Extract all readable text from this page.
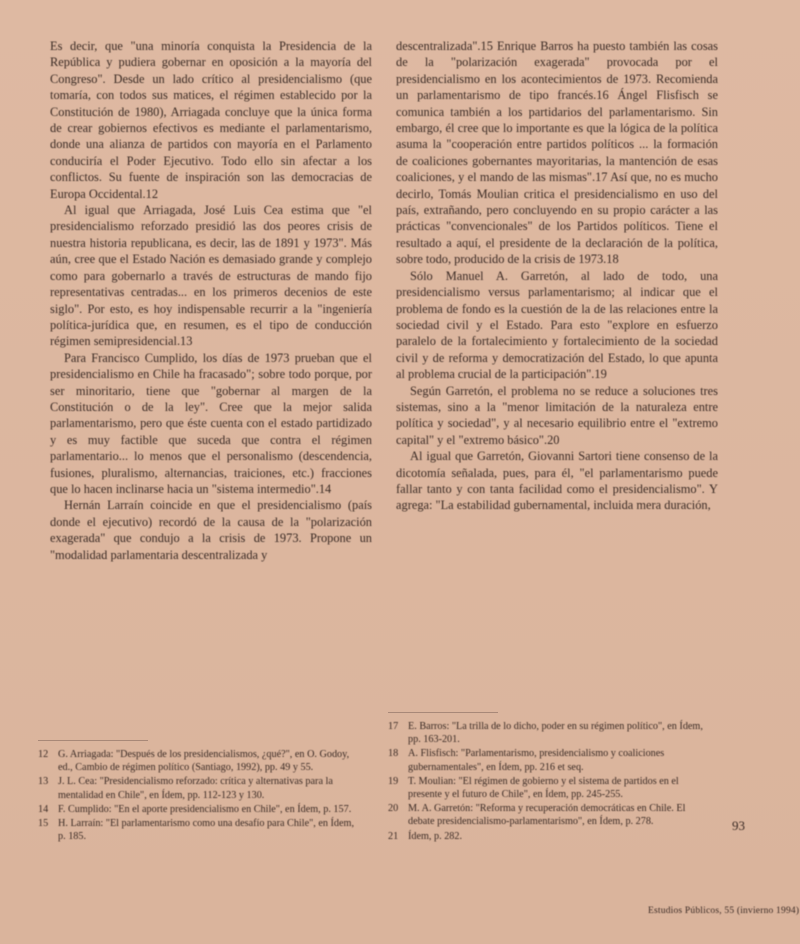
Es decir, que "una minoría conquista la Presidencia de la República y pudiera gobernar en oposición a la mayoría del Congreso". Desde un lado crítico al presidencialismo (que tomaría, con todos sus matices, el régimen establecido por la Constitución de 1980), Arriagada concluye que la única forma de crear gobiernos efectivos es mediante el parlamentarismo, donde una alianza de partidos con mayoría en el Parlamento conduciría el Poder Ejecutivo. Todo ello sin afectar a los conflictos. Su fuente de inspiración son las democracias de Europa Occidental.12

Al igual que Arriagada, José Luis Cea estima que "el presidencialismo reforzado presidió las dos peores crisis de nuestra historia republicana, es decir, las de 1891 y 1973". Más aún, cree que el Estado Nación es demasiado grande y complejo como para gobernarlo a través de estructuras de mando fijo representativas centradas... en los primeros decenios de este siglo". Por esto, es hoy indispensable recurrir a la "ingeniería política-jurídica que, en resumen, es el tipo de conducción régimen semipresidencial.13

Para Francisco Cumplido, los días de 1973 prueban que el presidencialismo en Chile ha fracasado"; sobre todo porque, por ser minoritario, tiene que "gobernar al margen de la Constitución o de la ley". Cree que la mejor salida parlamentarismo, pero que éste cuenta con el estado partidizado y es muy factible que suceda que contra el régimen parlamentario... lo menos que el personalismo (descendencia, fusiones, pluralismo, alternancias, traiciones, etc.) fracciones que lo hacen inclinarse hacia un "sistema intermedio".14

Hernán Larraín coincide en que el presidencialismo (país donde el ejecutivo) recordó de la causa de la "polarización exagerada" que condujo a la crisis de 1973. Propone un "modalidad parlamentaria descentralizada y

descentralizada".15 Enrique Barros ha puesto también las cosas de la "polarización exagerada" provocada por el presidencialismo en los acontecimientos de 1973. Recomienda un parlamentarismo de tipo francés.16 Ángel Flisfisch se comunica también a los partidarios del parlamentarismo. Sin embargo, él cree que lo importante es que la lógica de la política asuma la "cooperación entre partidos políticos ... la formación de coaliciones gobernantes mayoritarias, la mantención de esas coaliciones, y el mando de las mismas".17 Así que, no es mucho decirlo, Tomás Moulian critica el presidencialismo en uso del país, extrañando, pero concluyendo en su propio carácter a las prácticas "convencionales" de los Partidos políticos. Tiene el resultado a aquí, el presidente de la declaración de la política, sobre todo, producido de la crisis de 1973.18

Sólo Manuel A. Garretón, al lado de todo, una presidencialismo versus parlamentarismo; al indicar que el problema de fondo es la cuestión de la de las relaciones entre la sociedad civil y el Estado. Para esto "explore en esfuerzo paralelo de la fortalecimiento y fortalecimiento de la sociedad civil y de reforma y democratización del Estado, lo que apunta al problema crucial de la participación".19

Según Garretón, el problema no se reduce a soluciones tres sistemas, sino a la "menor limitación de la naturaleza entre política y sociedad", y al necesario equilibrio entre el "extremo capital" y el "extremo básico".20

Al igual que Garretón, Giovanni Sartori tiene consenso de la dicotomía señalada, pues, para él, "el parlamentarismo puede fallar tanto y con tanta facilidad como el presidencialismo". Y agrega: "La estabilidad gubernamental, incluida mera duración,

12 G. Arriagada: "Después de los presidencialismos, ¿qué?", en O. Godoy, ed., Cambio de régimen político (Santiago, 1992), pp. 49 y 55.
13 J. L. Cea: "Presidencialismo reforzado: crítica y alternativas para la mentalidad en Chile", en Ídem, pp. 112-123 y 130.
14 F. Cumplido: "En el aporte presidencialismo en Chile", en Ídem, p. 157.
15 H. Larraín: "El parlamentarismo como una desafío para Chile", en Ídem, p. 185.
17 E. Barros: "La trilla de lo dicho, poder en su régimen político", en Ídem, pp. 163-201.
18 A. Flisfisch: "Parlamentarismo, presidencialismo y coaliciones gubernamentales", en Ídem, pp. 216 et seq.
19 T. Moulian: "El régimen de gobierno y el sistema de partidos en el presente y el futuro de Chile", en Ídem, pp. 245-255.
20 M. A. Garretón: "Reforma y recuperación democráticas en Chile. El debate presidencialismo-parlamentarismo", en Ídem, p. 278.
21 Ídem, p. 282.
93
Estudios Públicos, 55 (invierno 1994)
